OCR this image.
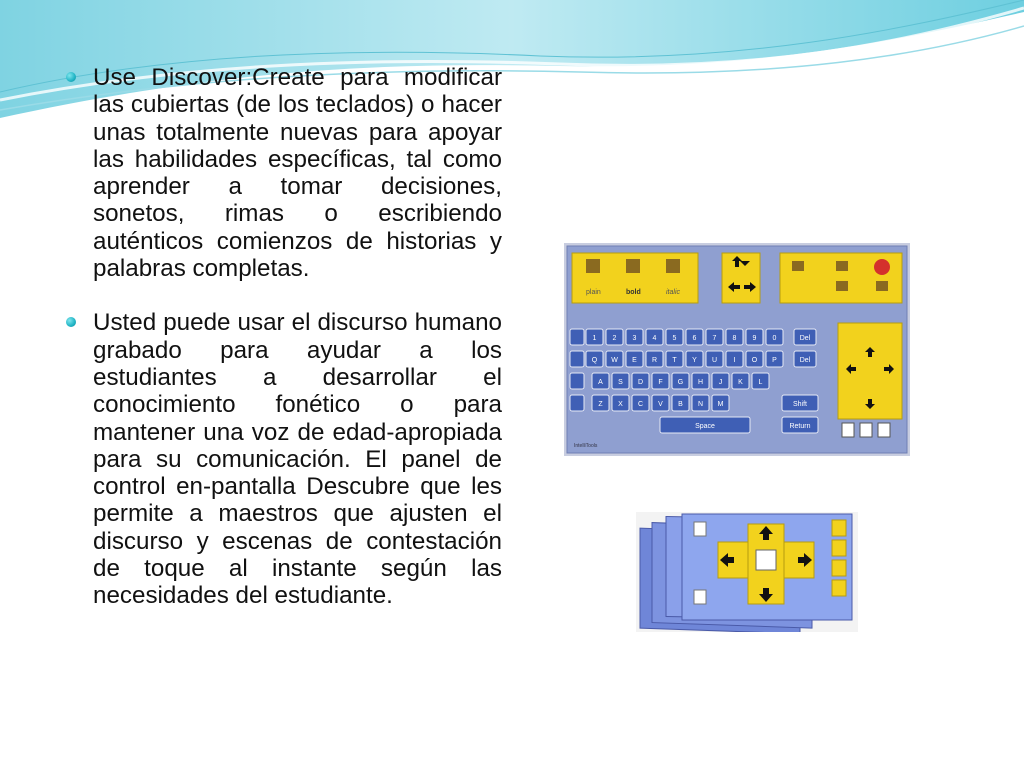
Use Discover:Create para modificar las cubiertas (de los teclados) o hacer unas totalmente nuevas para apoyar las habilidades específicas, tal como aprender a tomar decisiones, sonetos, rimas o escribiendo auténticos comienzos de historias y palabras completas.

Usted puede usar el discurso humano grabado para ayudar a los estudiantes a desarrollar el conocimiento fonético o para mantener una voz de edad-apropiada para su comunicación. El panel de control en-pantalla Descubre que les permite a maestros que ajusten el discurso y escenas de contestación de toque al instante según las necesidades del estudiante.

plain	bold	italic
1 2 3 4 5 6 7 8 9 0
Q W E R T Y U I O P
A S D F G H J K L
Z X C V B N M
Del
Del
Shift
Space	Return
IntelliTools
